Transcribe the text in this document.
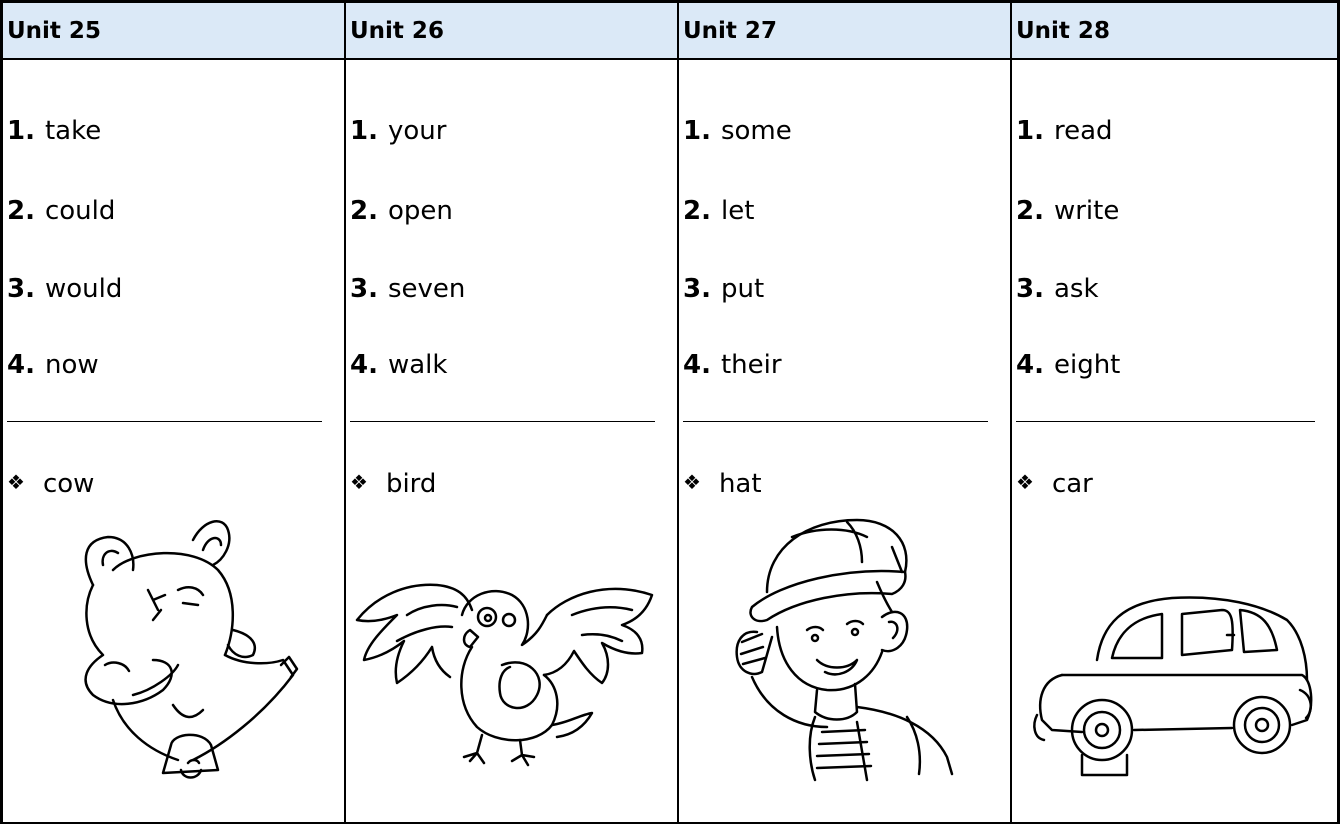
Unit 25
1. take
2. could
3. would
4. now
❖ cow
Unit 26
1. your
2. open
3. seven
4. walk
❖ bird
Unit 27
1. some
2. let
3. put
4. their
❖ hat
Unit 28
1. read
2. write
3. ask
4. eight
❖ car
